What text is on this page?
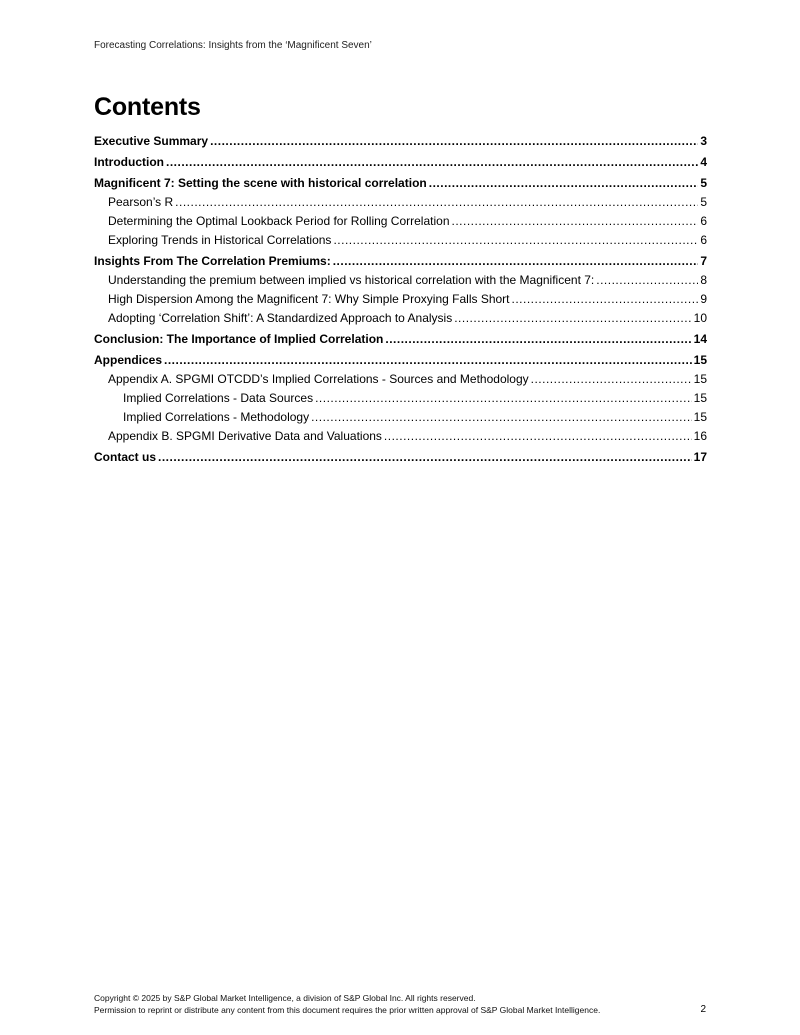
Forecasting Correlations: Insights from the ‘Magnificent Seven’
Contents
Executive Summary .....	3
Introduction .....	4
Magnificent 7: Setting the scene with historical correlation .....	5
Pearson’s R .....	5
Determining the Optimal Lookback Period for Rolling Correlation .....	6
Exploring Trends in Historical Correlations .....	6
Insights From The Correlation Premiums: .....	7
Understanding the premium between implied vs historical correlation with the Magnificent 7: .....	8
High Dispersion Among the Magnificent 7: Why Simple Proxying Falls Short .....	9
Adopting ‘Correlation Shift’: A Standardized Approach to Analysis .....	10
Conclusion: The Importance of Implied Correlation .....	14
Appendices .....	15
Appendix A. SPGMI OTCDD’s Implied Correlations - Sources and Methodology .....	15
Implied Correlations - Data Sources .....	15
Implied Correlations - Methodology .....	15
Appendix B. SPGMI Derivative Data and Valuations .....	16
Contact us .....	17
Copyright © 2025 by S&P Global Market Intelligence, a division of S&P Global Inc. All rights reserved.
Permission to reprint or distribute any content from this document requires the prior written approval of S&P Global Market Intelligence.	2
